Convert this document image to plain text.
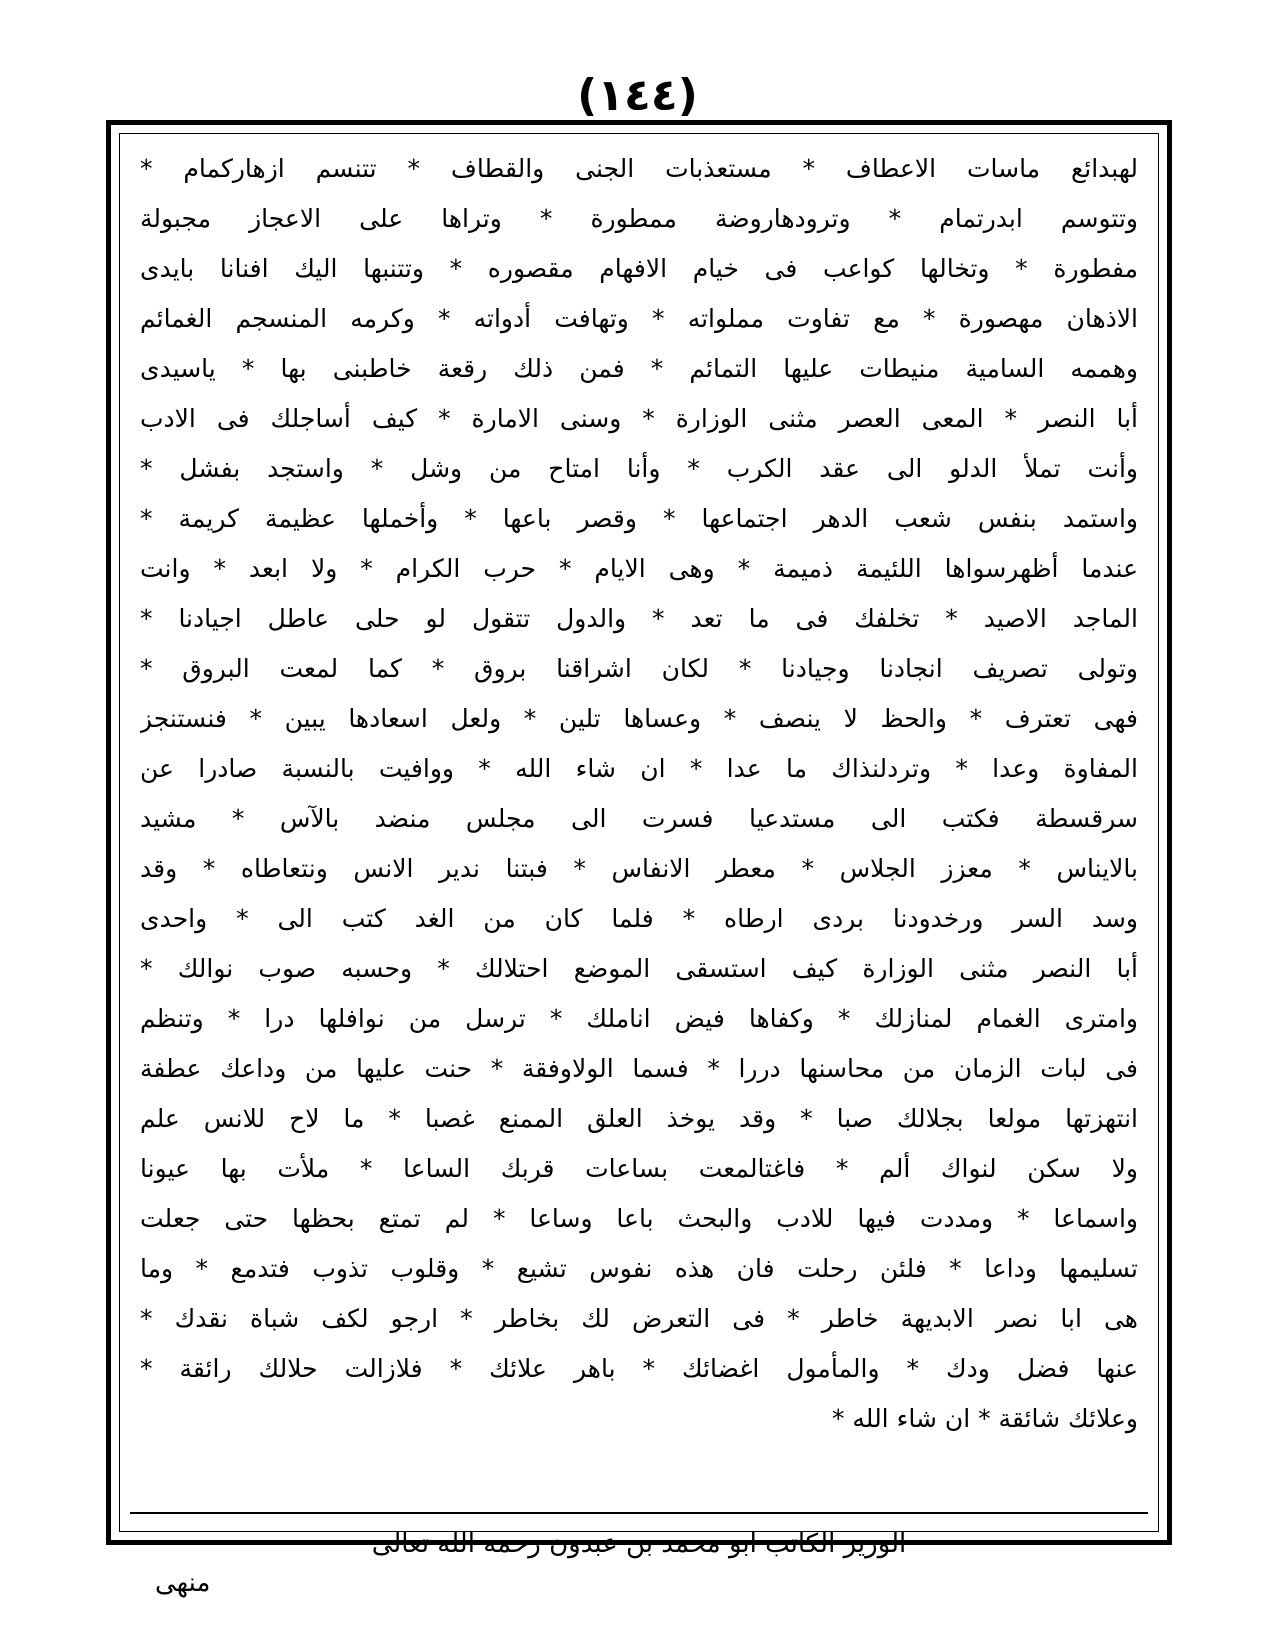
(١٤٤)
لهبدائع ماسات الاعطاف * مستعذبات الجنى والقطاف * تتنسم ازهاركمام *
وتتوسم ابدرتمام * وترودهاروضة ممطورة * وتراها على الاعجاز مجبولة
مفطورة * وتخالها كواعب فى خيام الافهام مقصوره * وتتنبها اليك افنانا بايدى
الاذهان مهصورة * مع تفاوت مملواته * وتهافت أدواته * وكرمه المنسجم الغمائم
وهممه السامية منيطات عليها التمائم * فمن ذلك رقعة خاطبنى بها * ياسيدى
أبا النصر * المعى العصر مثنى الوزارة * وسنى الامارة * كيف أساجلك فى الادب
وأنت تملأ الدلو الى عقد الكرب * وأنا امتاح من وشل * واستجد بفشل *
واستمد بنفس شعب الدهر اجتماعها * وقصر باعها * وأخملها عظيمة كريمة *
عندما أظهرسواها اللئيمة ذميمة * وهى الايام * حرب الكرام * ولا ابعد * وانت
الماجد الاصيد * تخلفك فى ما تعد * والدول تتقول لو حلى عاطل اجيادنا *
وتولى تصريف انجادنا وجيادنا * لكان اشراقنا بروق * كما لمعت البروق *
فهى تعترف * والحظ لا ينصف * وعساها تلين * ولعل اسعادها يبين * فنستنجز
المفاوة وعدا * وتردلنذاك ما عدا * ان شاء الله * ووافيت بالنسبة صادرا عن
سرقسطة فكتب الى مستدعيا فسرت الى مجلس منضد بالآس * مشيد
بالايناس * معزز الجلاس * معطر الانفاس * فبتنا ندير الانس ونتعاطاه * وقد
وسد السر ورخدودنا بردى ارطاه * فلما كان من الغد كتب الى * واحدى
أبا النصر مثنى الوزارة كيف استسقى الموضع احتلالك * وحسبه صوب نوالك *
وامترى الغمام لمنازلك * وكفاها فيض اناملك * ترسل من نوافلها درا * وتنظم
فى لبات الزمان من محاسنها دررا * فسما الولاوفقة * حنت عليها من وداعك عطفة
انتهزتها مولعا بجلالك صبا * وقد يوخذ العلق الممنع غصبا * ما لاح للانس علم
ولا سكن لنواك ألم * فاغتالمعت بساعات قربك الساعا * ملأت بها عيونا
واسماعا * ومددت فيها للادب والبحث باعا وساعا * لم تمتع بحظها حتى جعلت
تسليمها وداعا * فلئن رحلت فان هذه نفوس تشيع * وقلوب تذوب فتدمع * وما
هى ابا نصر الابديهة خاطر * فى التعرض لك بخاطر * ارجو لكف شباة نقدك *
عنها فضل ودك * والمأمول اغضائك * باهر علائك * فلازالت حلالك رائقة *
وعلائك شائقة * ان شاء الله *
الوزير الكاتب ابو محمد بن عبدون رحمه الله تعالى
منهى
